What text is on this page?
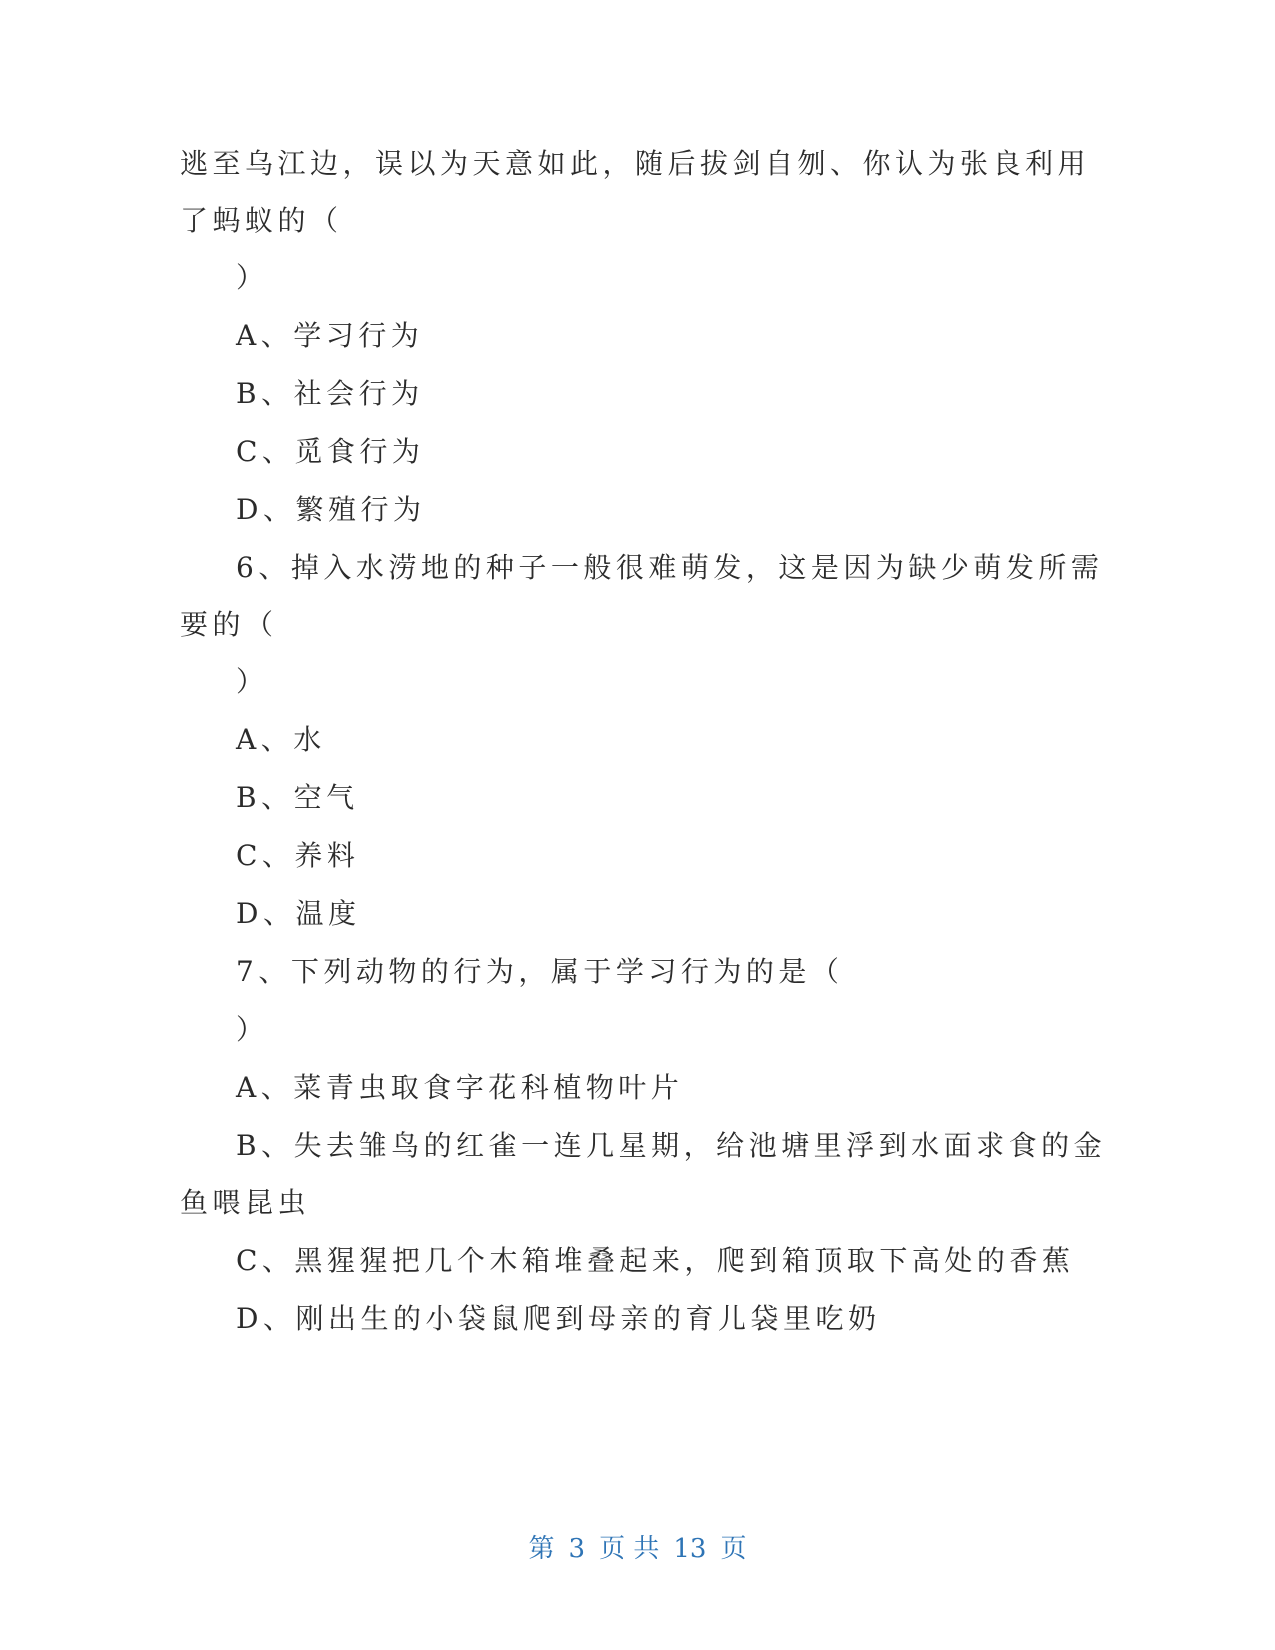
逃至乌江边，误以为天意如此，随后拔剑自刎、你认为张良利用
了蚂蚁的（
）
A、学习行为
B、社会行为
C、觅食行为
D、繁殖行为
6、掉入水涝地的种子一般很难萌发，这是因为缺少萌发所需
要的（
）
A、水
B、空气
C、养料
D、温度
7、下列动物的行为，属于学习行为的是（
）
A、菜青虫取食字花科植物叶片
B、失去雏鸟的红雀一连几星期，给池塘里浮到水面求食的金
鱼喂昆虫
C、黑猩猩把几个木箱堆叠起来，爬到箱顶取下高处的香蕉
D、刚出生的小袋鼠爬到母亲的育儿袋里吃奶
第 3 页 共 13 页
